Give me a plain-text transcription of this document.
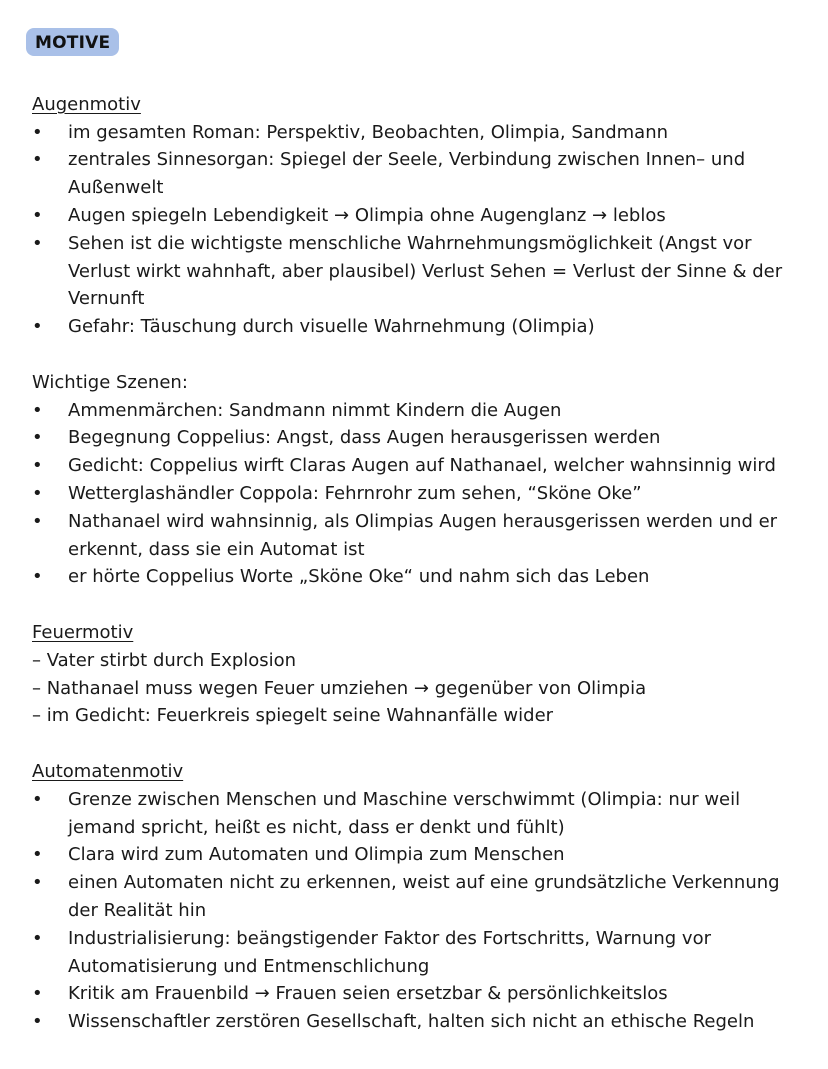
MOTIVE
Augenmotiv
• im gesamten Roman: Perspektiv, Beobachten, Olimpia, Sandmann
• zentrales Sinnesorgan: Spiegel der Seele, Verbindung zwischen Innen– und Außenwelt
• Augen spiegeln Lebendigkeit → Olimpia ohne Augenglanz → leblos
• Sehen ist die wichtigste menschliche Wahrnehmungsmöglichkeit (Angst vor Verlust wirkt wahnhaft, aber plausibel) Verlust Sehen = Verlust der Sinne & der Vernunft
• Gefahr: Täuschung durch visuelle Wahrnehmung (Olimpia)
Wichtige Szenen:
• Ammenmärchen: Sandmann nimmt Kindern die Augen
• Begegnung Coppelius: Angst, dass Augen herausgerissen werden
• Gedicht: Coppelius wirft Claras Augen auf Nathanael, welcher wahnsinnig wird
• Wetterglashändler Coppola: Fehrnrohr zum sehen, “Sköne Oke”
• Nathanael wird wahnsinnig, als Olimpias Augen herausgerissen werden und er erkennt, dass sie ein Automat ist
• er hörte Coppelius Worte „Sköne Oke“ und nahm sich das Leben
Feuermotiv
– Vater stirbt durch Explosion
– Nathanael muss wegen Feuer umziehen → gegenüber von Olimpia
– im Gedicht: Feuerkreis spiegelt seine Wahnanfälle wider
Automatenmotiv
• Grenze zwischen Menschen und Maschine verschwimmt (Olimpia: nur weil jemand spricht, heißt es nicht, dass er denkt und fühlt)
• Clara wird zum Automaten und Olimpia zum Menschen
• einen Automaten nicht zu erkennen, weist auf eine grundsätzliche Verkennung der Realität hin
• Industrialisierung: beängstigender Faktor des Fortschritts, Warnung vor Automatisierung und Entmenschlichung
• Kritik am Frauenbild → Frauen seien ersetzbar & persönlichkeitslos
• Wissenschaftler zerstören Gesellschaft, halten sich nicht an ethische Regeln
